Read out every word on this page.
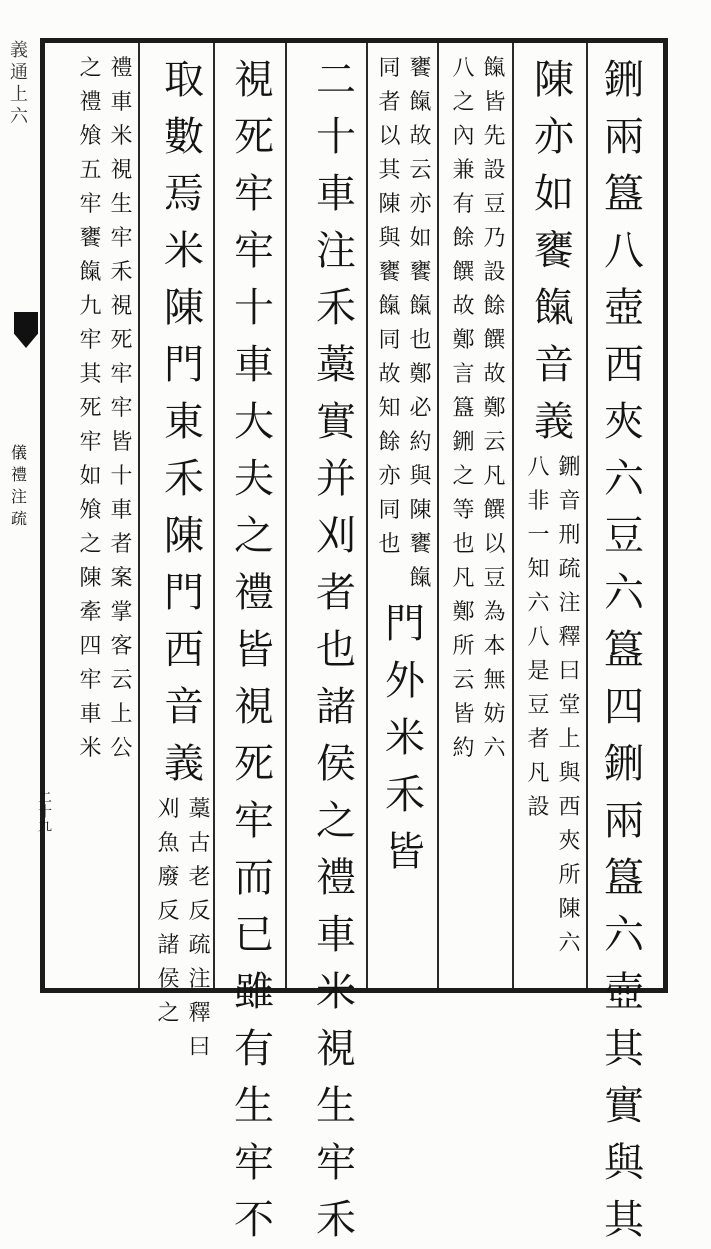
義
通
上
六
儀
禮
注
疏
二十九
鉶
兩
簋
八
壺
西
夾
六
豆
六
簋
四
鉶
兩
簋
六
壺
其
實
與
其
陳
亦
如
饔
餼
音
義
鉶
音
刑
疏
注
釋
曰
堂
上
與
西
夾
所
陳
六
八
非
一
知
六
八
是
豆
者
凡
設
餼
皆
先
設
豆
乃
設
餘
饌
故
鄭
云
凡
饌
以
豆
為
本
無
妨
六
八
之
內
兼
有
餘
饌
故
鄭
言
簋
鉶
之
等
也
凡
鄭
所
云
皆
約
饔
餼
故
云
亦
如
饔
餼
也
鄭
必
約
與
陳
饔
餼
同
者
以
其
陳
與
饔
餼
同
故
知
餘
亦
同
也
門
外
米
禾
皆
二
十
車
注
禾
藁
實
并
刈
者
也
諸
侯
之
禮
車
米
視
生
牢
禾
視
死
牢
牢
十
車
大
夫
之
禮
皆
視
死
牢
而
已
雖
有
生
牢
不
取
數
焉
米
陳
門
東
禾
陳
門
西
音
義
藁
古
老
反
疏
注
釋
曰
刈
魚
廢
反
諸
侯
之
禮
車
米
視
生
牢
禾
視
死
牢
牢
皆
十
車
者
案
掌
客
云
上
公
之
禮
飧
五
牢
饔
餼
九
牢
其
死
牢
如
飧
之
陳
牽
四
牢
車
米
